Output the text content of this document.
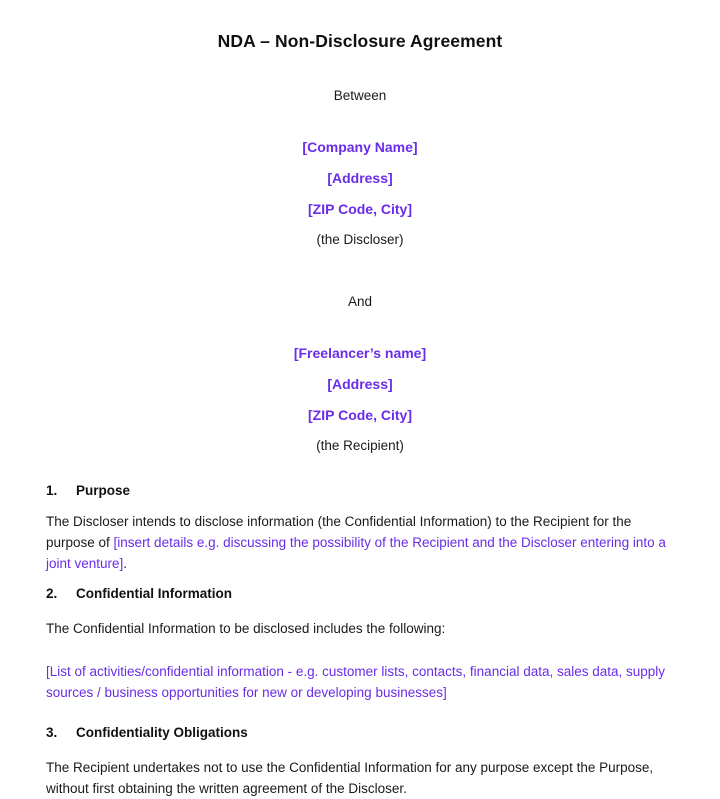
NDA – Non-Disclosure Agreement
Between
[Company Name]
[Address]
[ZIP Code, City]
(the Discloser)
And
[Freelancer’s name]
[Address]
[ZIP Code, City]
(the Recipient)
1.	Purpose

The Discloser intends to disclose information (the Confidential Information) to the Recipient for the purpose of [insert details e.g. discussing the possibility of the Recipient and the Discloser entering into a joint venture].

2.	Confidential Information

The Confidential Information to be disclosed includes the following:

[List of activities/confidential information - e.g. customer lists, contacts, financial data, sales data, supply sources / business opportunities for new or developing businesses]

3.	Confidentiality Obligations

The Recipient undertakes not to use the Confidential Information for any purpose except the Purpose, without first obtaining the written agreement of the Discloser.
